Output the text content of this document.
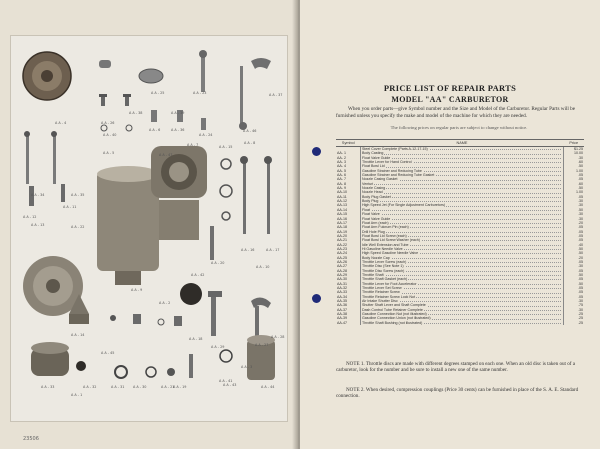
A A - 1
A A - 2
A A - 3
A A - 4
A A - 5
A A - 6
A A - 7	A A - 8
A A - 9
A A - 10
A A - 11
A A - 12
A A - 13
A A - 14
A A - 15
A A - 16	A A - 17
A A - 18
A A - 19
A A - 20
A A - 21
A A - 22
A A - 23
A A - 24
A A - 25
A A - 26
A A - 27
A A - 28
A A - 29
A A - 30
A A - 31
A A - 32
A A - 33
A A - 34	A A - 35
A A - 36
A A - 37
A A - 38	A A - 39
A A - 40
A A - 41
A A - 42
A A - 43	A A - 44
A A - 45
A A - 46
A A - 47
23506
PRICE LIST OF REPAIR PARTS
MODEL "AA" CARBURETOR
When you order parts—give Symbol number and the Size and Model of the Carburetor. Regular Parts will be furnished unless you specify the make and model of the machine for which they are needed.
The following prices on regular parts are subject to change without notice.
Symbol	NAME	Price
	Steel Cover Complete (Parts A-12-17-15)	$1.25
AA- 1	Body Casting	10.00
AA- 2	Float Valve Guide	.30
AA- 3	Throttle Lever for Hand Control	.60
AA- 4	Float Bowl Lid	.50
AA- 5	Gasoline Strainer and Reducing Tube	1.00
AA- 6	Gasoline Strainer and Reducing Tube Gasket	.05
AA- 7	Nozzle Casing Gasket	.05
AA- 8	Venturi	.60
AA- 9	Nozzle Casing	.50
AA-10	Nozzle Head	1.00
AA-11	Body Plug Gasket	.05
AA-12	Body Plug	.30
AA-13	High Speed Jet (For Single Adjustment Carburetors)	.30
AA-14	Float	.50
AA-15	Float Valve	.30
AA-16	Float Valve Guide	.30
AA-17	Float Arm (each)	.20
AA-18	Float Arm Fulcrum Pin (each)	.05
AA-19	Drill Hole Plug	.05
AA-20	Float Bowl Lid Screw (each)	.05
AA-21	Float Bowl Lid Screw Washer (each)	.05
AA-22	Idle Well Extension and Tube	.40
AA-23	Hi Gasoline Needle Valve	.50
AA-24	High Speed Gasoline Needle Valve	.50
AA-25	Body Nozzle Cap	.20
AA-26	Throttle Lever Screw (each)	.05
AA-27	Throttle Disc (See Note 1)	.30
AA-28	Throttle Disc Screw (each)	.05
AA-29	Throttle Shaft	.50
AA-30	Throttle Shaft Gasket (each)	.05
AA-31	Throttle Lever for Foot Accelerator	.50
AA-32	Throttle Lever Set Screw	.05
AA-33	Throttle Retainer Screw	.05
AA-34	Throttle Retainer Screw Lock Nut	.05
AA-35	Air Intake Shutter Disc	.30
AA-36	Shutter Shaft Lever and Shaft Complete	.75
AA-37	Dash Control Tube Retainer Complete	.30
AA-38	Gasoline Connection Nut (not illustrated)	.25
AA-39	Gasoline Connection Union (not illustrated)	.25
AA-47	Throttle Shaft Bushing (not illustrated)	.25
NOTE 1. Throttle discs are made with different degrees stamped on each one. When an old disc is taken out of a carburetor, look for the number and be sure to install a new one of the same number.
NOTE 2. When desired, compression couplings (Price 30 cents) can be furnished in place of the S. A. E. Standard connection.
